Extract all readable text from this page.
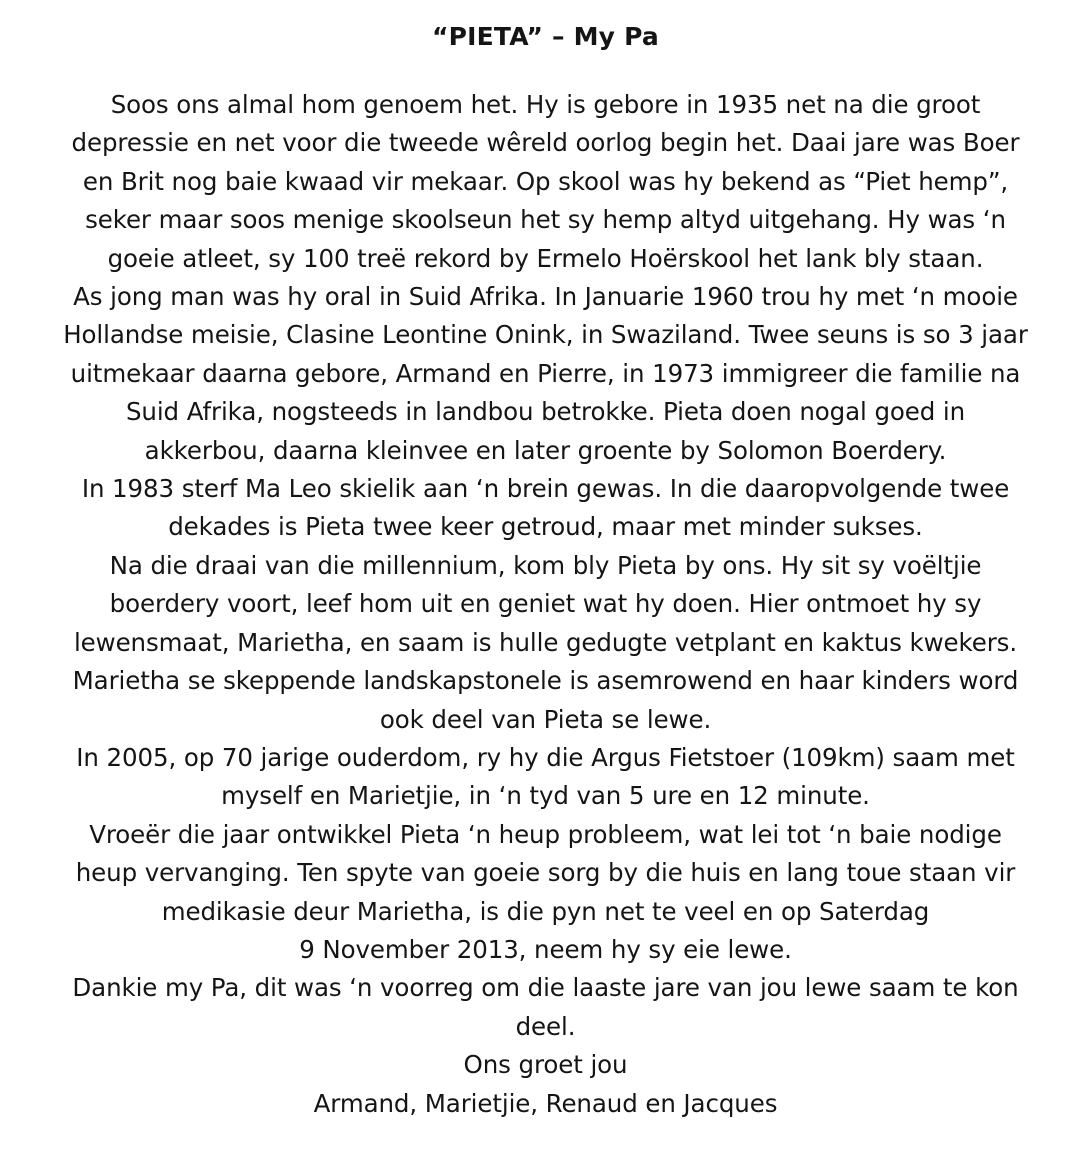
“PIETA” – My Pa
Soos ons almal hom genoem het. Hy is gebore in 1935 net na die groot
depressie en net voor die tweede wêreld oorlog begin het. Daai jare was Boer
en Brit nog baie kwaad vir mekaar. Op skool was hy bekend as “Piet hemp”,
seker maar soos menige skoolseun het sy hemp altyd uitgehang. Hy was ‘n
goeie atleet, sy 100 treë rekord by Ermelo Hoërskool het lank bly staan.
As jong man was hy oral in Suid Afrika. In Januarie 1960 trou hy met ‘n mooie
Hollandse meisie, Clasine Leontine Onink, in Swaziland. Twee seuns is so 3 jaar
uitmekaar daarna gebore, Armand en Pierre, in 1973 immigreer die familie na
Suid Afrika, nogsteeds in landbou betrokke. Pieta doen nogal goed in
akkerbou, daarna kleinvee en later groente by Solomon Boerdery.
In 1983 sterf Ma Leo skielik aan ‘n brein gewas. In die daaropvolgende twee
dekades is Pieta twee keer getroud, maar met minder sukses.
Na die draai van die millennium, kom bly Pieta by ons. Hy sit sy voëltjie
boerdery voort, leef hom uit en geniet wat hy doen. Hier ontmoet hy sy
lewensmaat, Marietha, en saam is hulle gedugte vetplant en kaktus kwekers.
Marietha se skeppende landskapstonele is asemrowend en haar kinders word
ook deel van Pieta se lewe.
In 2005, op 70 jarige ouderdom, ry hy die Argus Fietstoer (109km) saam met
myself en Marietjie, in ‘n tyd van 5 ure en 12 minute.
Vroeër die jaar ontwikkel Pieta ‘n heup probleem, wat lei tot ‘n baie nodige
heup vervanging. Ten spyte van goeie sorg by die huis en lang toue staan vir
medikasie deur Marietha, is die pyn net te veel en op Saterdag
9 November 2013, neem hy sy eie lewe.
Dankie my Pa, dit was ‘n voorreg om die laaste jare van jou lewe saam te kon
deel.
Ons groet jou
Armand, Marietjie, Renaud en Jacques
